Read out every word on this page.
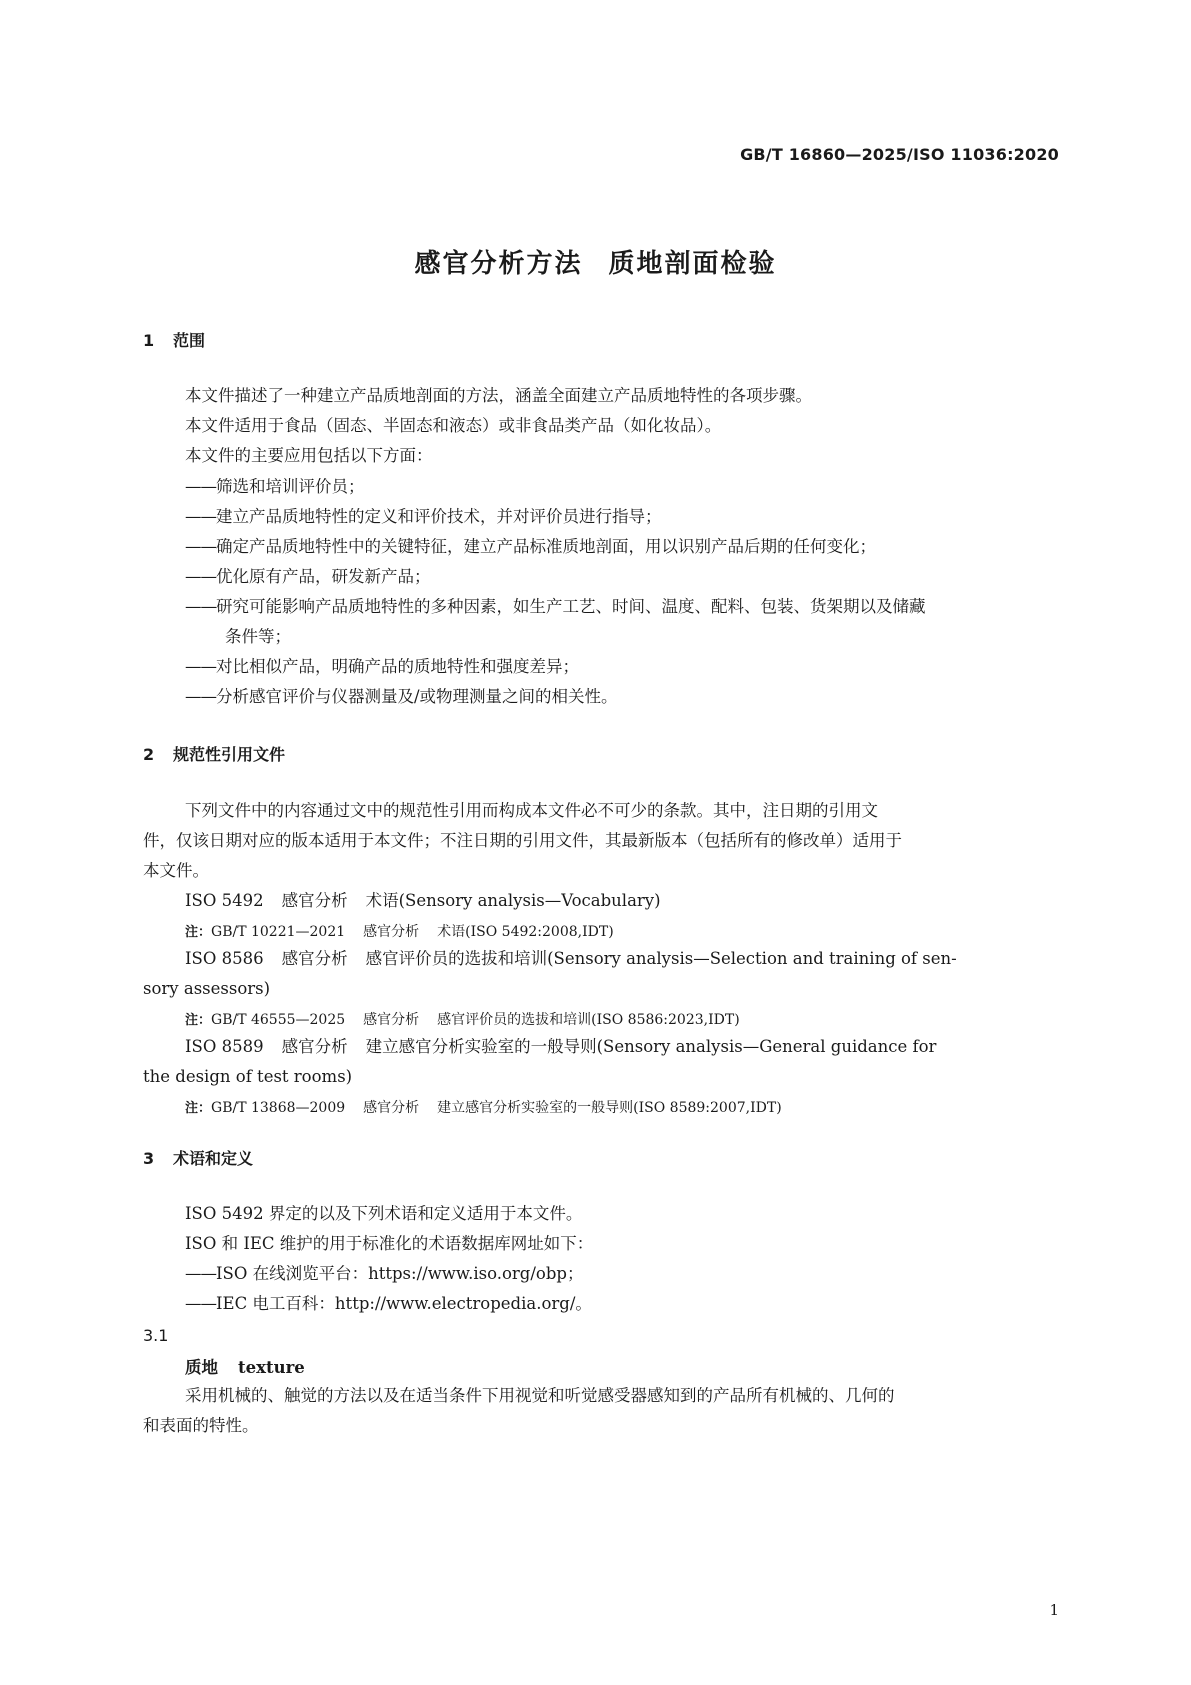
GB/T 16860—2025/ISO 11036:2020
感官分析方法 质地剖面检验
1 范围
本文件描述了一种建立产品质地剖面的方法，涵盖全面建立产品质地特性的各项步骤。
本文件适用于食品（固态、半固态和液态）或非食品类产品（如化妆品）。
本文件的主要应用包括以下方面：
——筛选和培训评价员；
——建立产品质地特性的定义和评价技术，并对评价员进行指导；
——确定产品质地特性中的关键特征，建立产品标准质地剖面，用以识别产品后期的任何变化；
——优化原有产品，研发新产品；
——研究可能影响产品质地特性的多种因素，如生产工艺、时间、温度、配料、包装、货架期以及储藏
条件等；
——对比相似产品，明确产品的质地特性和强度差异；
——分析感官评价与仪器测量及/或物理测量之间的相关性。
2 规范性引用文件
下列文件中的内容通过文中的规范性引用而构成本文件必不可少的条款。其中，注日期的引用文
件，仅该日期对应的版本适用于本文件；不注日期的引用文件，其最新版本（包括所有的修改单）适用于
本文件。
ISO 5492 感官分析 术语(Sensory analysis—Vocabulary)
注：GB/T 10221—2021 感官分析 术语(ISO 5492:2008,IDT)
ISO 8586 感官分析 感官评价员的选拔和培训(Sensory analysis—Selection and training of sen-
sory assessors)
注：GB/T 46555—2025 感官分析 感官评价员的选拔和培训(ISO 8586:2023,IDT)
ISO 8589 感官分析 建立感官分析实验室的一般导则(Sensory analysis—General guidance for
the design of test rooms)
注：GB/T 13868—2009 感官分析 建立感官分析实验室的一般导则(ISO 8589:2007,IDT)
3 术语和定义
ISO 5492 界定的以及下列术语和定义适用于本文件。
ISO 和 IEC 维护的用于标准化的术语数据库网址如下：
——ISO 在线浏览平台：https://www.iso.org/obp；
——IEC 电工百科：http://www.electropedia.org/。
3.1
质地 texture
采用机械的、触觉的方法以及在适当条件下用视觉和听觉感受器感知到的产品所有机械的、几何的
和表面的特性。
1
